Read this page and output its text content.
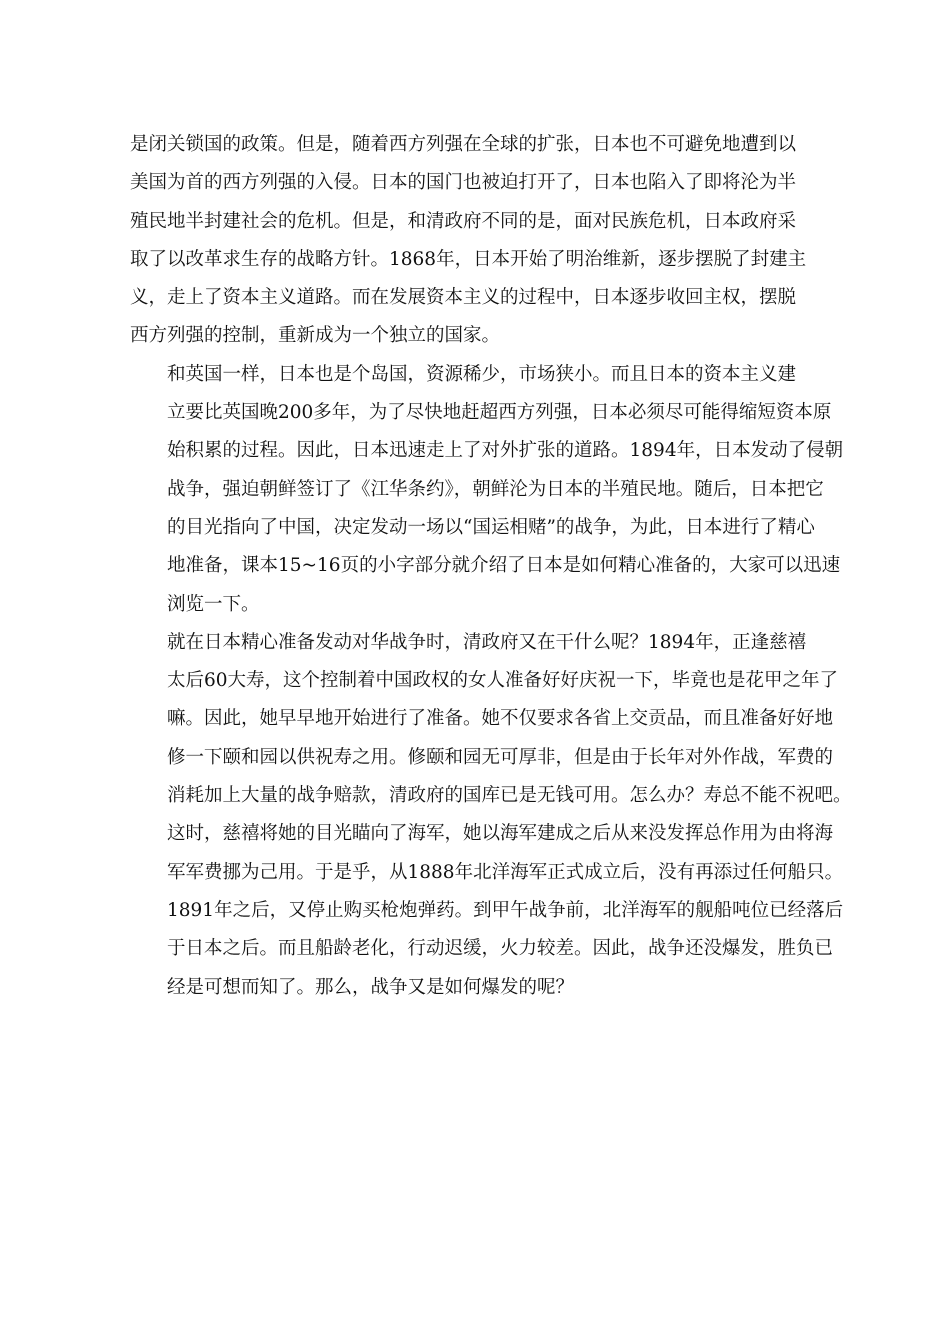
是闭关锁国的政策。但是，随着西方列强在全球的扩张，日本也不可避免地遭到以
美国为首的西方列强的入侵。日本的国门也被迫打开了，日本也陷入了即将沦为半
殖民地半封建社会的危机。但是，和清政府不同的是，面对民族危机，日本政府采
取了以改革求生存的战略方针。1868年，日本开始了明治维新，逐步摆脱了封建主
义，走上了资本主义道路。而在发展资本主义的过程中，日本逐步收回主权，摆脱
西方列强的控制，重新成为一个独立的国家。

和英国一样，日本也是个岛国，资源稀少，市场狭小。而且日本的资本主义建
立要比英国晚200多年，为了尽快地赶超西方列强，日本必须尽可能得缩短资本原
始积累的过程。因此，日本迅速走上了对外扩张的道路。1894年，日本发动了侵朝
战争，强迫朝鲜签订了《江华条约》，朝鲜沦为日本的半殖民地。随后，日本把它
的目光指向了中国，决定发动一场以“国运相赌”的战争，为此，日本进行了精心
地准备，课本15~16页的小字部分就介绍了日本是如何精心准备的，大家可以迅速
浏览一下。

就在日本精心准备发动对华战争时，清政府又在干什么呢？1894年，正逢慈禧
太后60大寿，这个控制着中国政权的女人准备好好庆祝一下，毕竟也是花甲之年了
嘛。因此，她早早地开始进行了准备。她不仅要求各省上交贡品，而且准备好好地
修一下颐和园以供祝寿之用。修颐和园无可厚非，但是由于长年对外作战，军费的
消耗加上大量的战争赔款，清政府的国库已是无钱可用。怎么办？寿总不能不祝吧。
这时，慈禧将她的目光瞄向了海军，她以海军建成之后从来没发挥总作用为由将海
军军费挪为己用。于是乎，从1888年北洋海军正式成立后，没有再添过任何船只。
1891年之后，又停止购买枪炮弹药。到甲午战争前，北洋海军的舰船吨位已经落后
于日本之后。而且船龄老化，行动迟缓，火力较差。因此，战争还没爆发，胜负已
经是可想而知了。那么，战争又是如何爆发的呢？
